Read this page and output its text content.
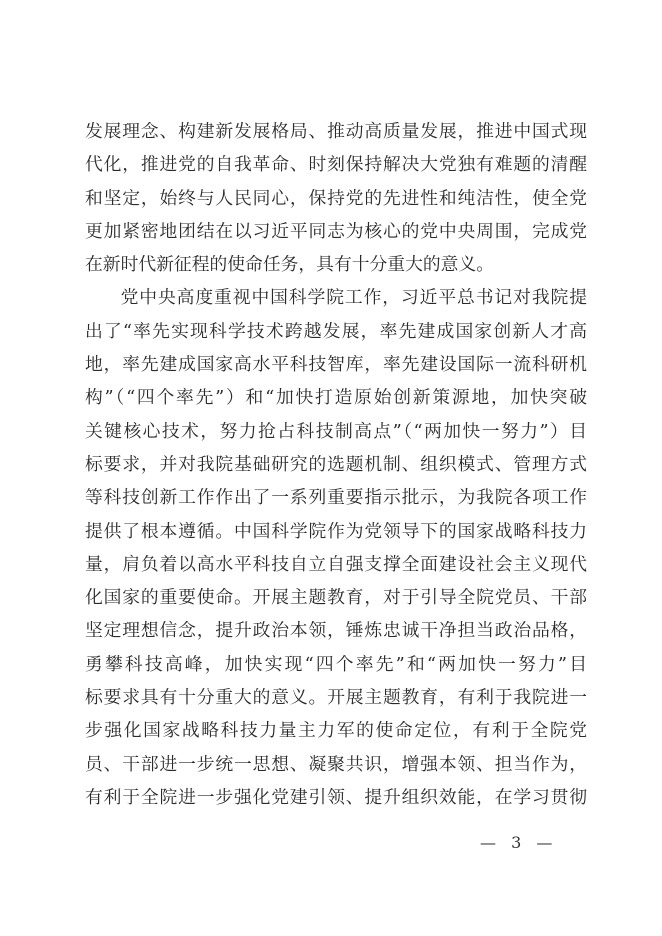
发展理念、构建新发展格局、推动高质量发展，推进中国式现
代化，推进党的自我革命、时刻保持解决大党独有难题的清醒
和坚定，始终与人民同心，保持党的先进性和纯洁性，使全党
更加紧密地团结在以习近平同志为核心的党中央周围，完成党
在新时代新征程的使命任务，具有十分重大的意义。
党中央高度重视中国科学院工作，习近平总书记对我院提
出了“率先实现科学技术跨越发展，率先建成国家创新人才高
地，率先建成国家高水平科技智库，率先建设国际一流科研机
构”（“四个率先”）和“加快打造原始创新策源地，加快突破
关键核心技术，努力抢占科技制高点”（“两加快一努力”）目
标要求，并对我院基础研究的选题机制、组织模式、管理方式
等科技创新工作作出了一系列重要指示批示，为我院各项工作
提供了根本遵循。中国科学院作为党领导下的国家战略科技力
量，肩负着以高水平科技自立自强支撑全面建设社会主义现代
化国家的重要使命。开展主题教育，对于引导全院党员、干部
坚定理想信念，提升政治本领，锤炼忠诚干净担当政治品格，
勇攀科技高峰，加快实现“四个率先”和“两加快一努力”目
标要求具有十分重大的意义。开展主题教育，有利于我院进一
步强化国家战略科技力量主力军的使命定位，有利于全院党
员、干部进一步统一思想、凝聚共识，增强本领、担当作为，
有利于全院进一步强化党建引领、提升组织效能，在学习贯彻
— 3 —
